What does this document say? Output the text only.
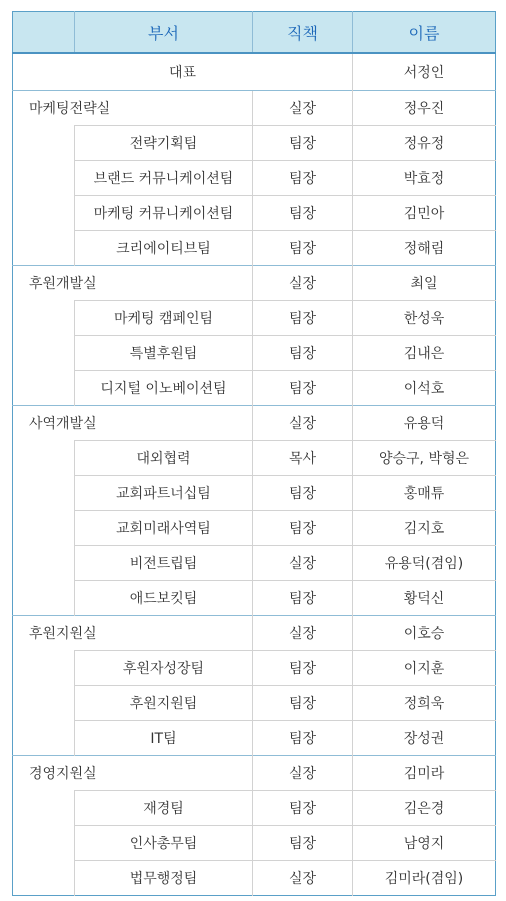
	부서	직책	이름
대표			서정인
마케팅전략실		실장	정우진
	전략기획팀	팀장	정유정
	브랜드 커뮤니케이션팀	팀장	박효정
	마케팅 커뮤니케이션팀	팀장	김민아
	크리에이티브팀	팀장	정해림
후원개발실		실장	최일
	마케팅 캠페인팀	팀장	한성욱
	특별후원팀	팀장	김내은
	디지털 이노베이션팀	팀장	이석호
사역개발실		실장	유용덕
	대외협력	목사	양승구, 박형은
	교회파트너십팀	팀장	홍매튜
	교회미래사역팀	팀장	김지호
	비전트립팀	실장	유용덕(겸임)
	애드보킷팀	팀장	황덕신
후원지원실		실장	이호승
	후원자성장팀	팀장	이지훈
	후원지원팀	팀장	정희욱
	IT팀	팀장	장성권
경영지원실		실장	김미라
	재경팀	팀장	김은경
	인사총무팀	팀장	남영지
	법무행정팀	실장	김미라(겸임)
